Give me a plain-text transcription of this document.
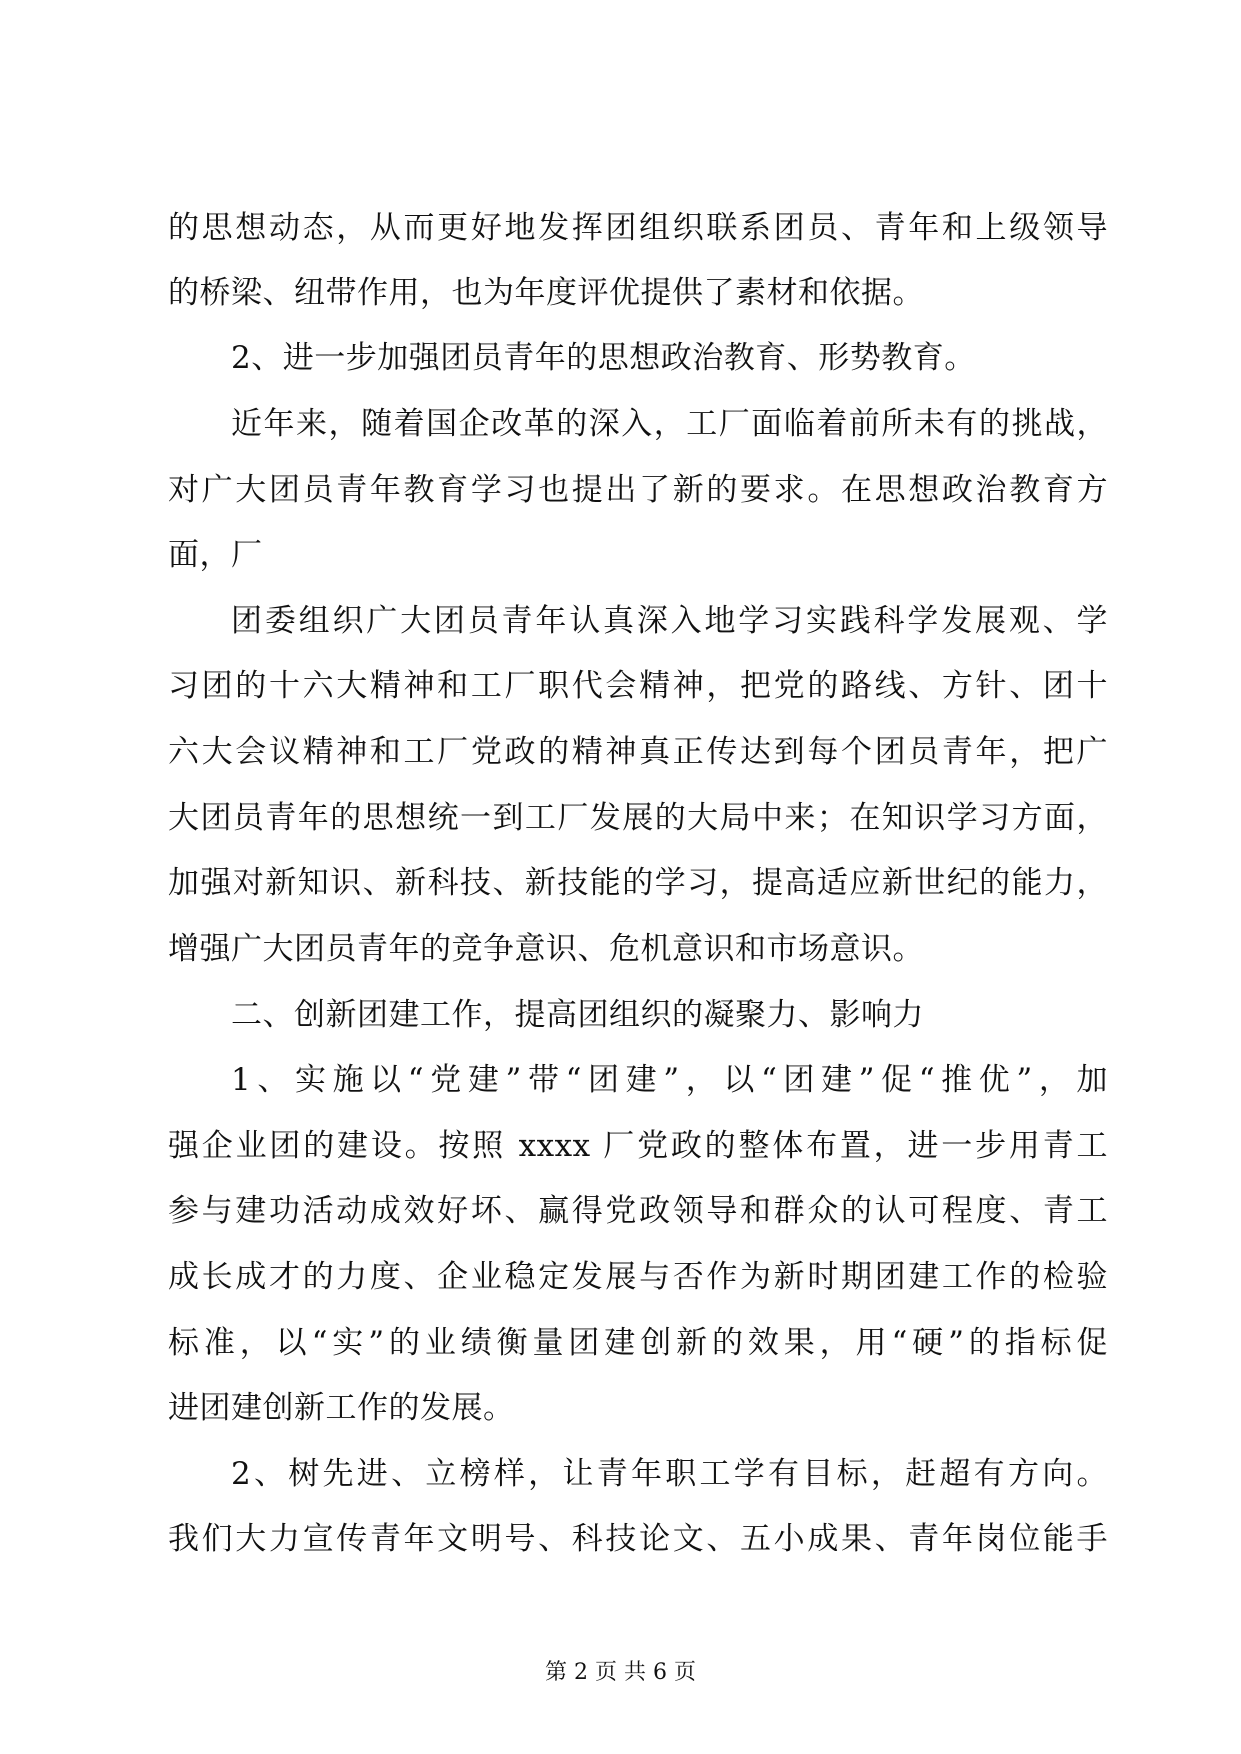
的思想动态，从而更好地发挥团组织联系团员、青年和上级领导
的桥梁、纽带作用，也为年度评优提供了素材和依据。
2、进一步加强团员青年的思想政治教育、形势教育。
近年来，随着国企改革的深入，工厂面临着前所未有的挑战，
对广大团员青年教育学习也提出了新的要求。在思想政治教育方
面，厂
团委组织广大团员青年认真深入地学习实践科学发展观、学
习团的十六大精神和工厂职代会精神，把党的路线、方针、团十
六大会议精神和工厂党政的精神真正传达到每个团员青年，把广
大团员青年的思想统一到工厂发展的大局中来；在知识学习方面，
加强对新知识、新科技、新技能的学习，提高适应新世纪的能力，
增强广大团员青年的竞争意识、危机意识和市场意识。
二、创新团建工作，提高团组织的凝聚力、影响力
1、实施以“党建”带“团建”，以“团建”促“推优”，加
强企业团的建设。按照 xxxx 厂党政的整体布置，进一步用青工
参与建功活动成效好坏、赢得党政领导和群众的认可程度、青工
成长成才的力度、企业稳定发展与否作为新时期团建工作的检验
标准，以“实”的业绩衡量团建创新的效果，用“硬”的指标促
进团建创新工作的发展。
2、树先进、立榜样，让青年职工学有目标，赶超有方向。
我们大力宣传青年文明号、科技论文、五小成果、青年岗位能手
第 2 页 共 6 页
